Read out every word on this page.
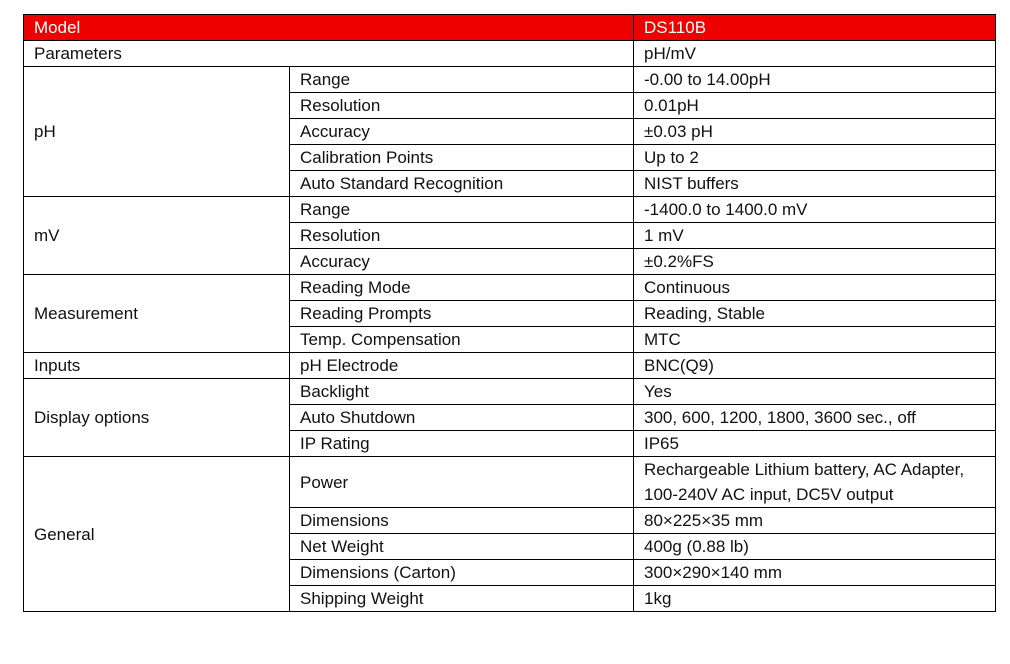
Model		DS110B
Parameters		pH/mV
pH	Range	-0.00 to 14.00pH
	Resolution	0.01pH
	Accuracy	±0.03 pH
	Calibration Points	Up to 2
	Auto Standard Recognition	NIST buffers
mV	Range	-1400.0 to 1400.0 mV
	Resolution	1 mV
	Accuracy	±0.2%FS
Measurement	Reading Mode	Continuous
	Reading Prompts	Reading, Stable
	Temp. Compensation	MTC
Inputs	pH Electrode	BNC(Q9)
Display options	Backlight	Yes
	Auto Shutdown	300, 600, 1200, 1800, 3600 sec., off
	IP Rating	IP65
General	Power	Rechargeable Lithium battery, AC Adapter, 100-240V AC input, DC5V output
	Dimensions	80×225×35 mm
	Net Weight	400g (0.88 lb)
	Dimensions (Carton)	300×290×140 mm
	Shipping Weight	1kg
